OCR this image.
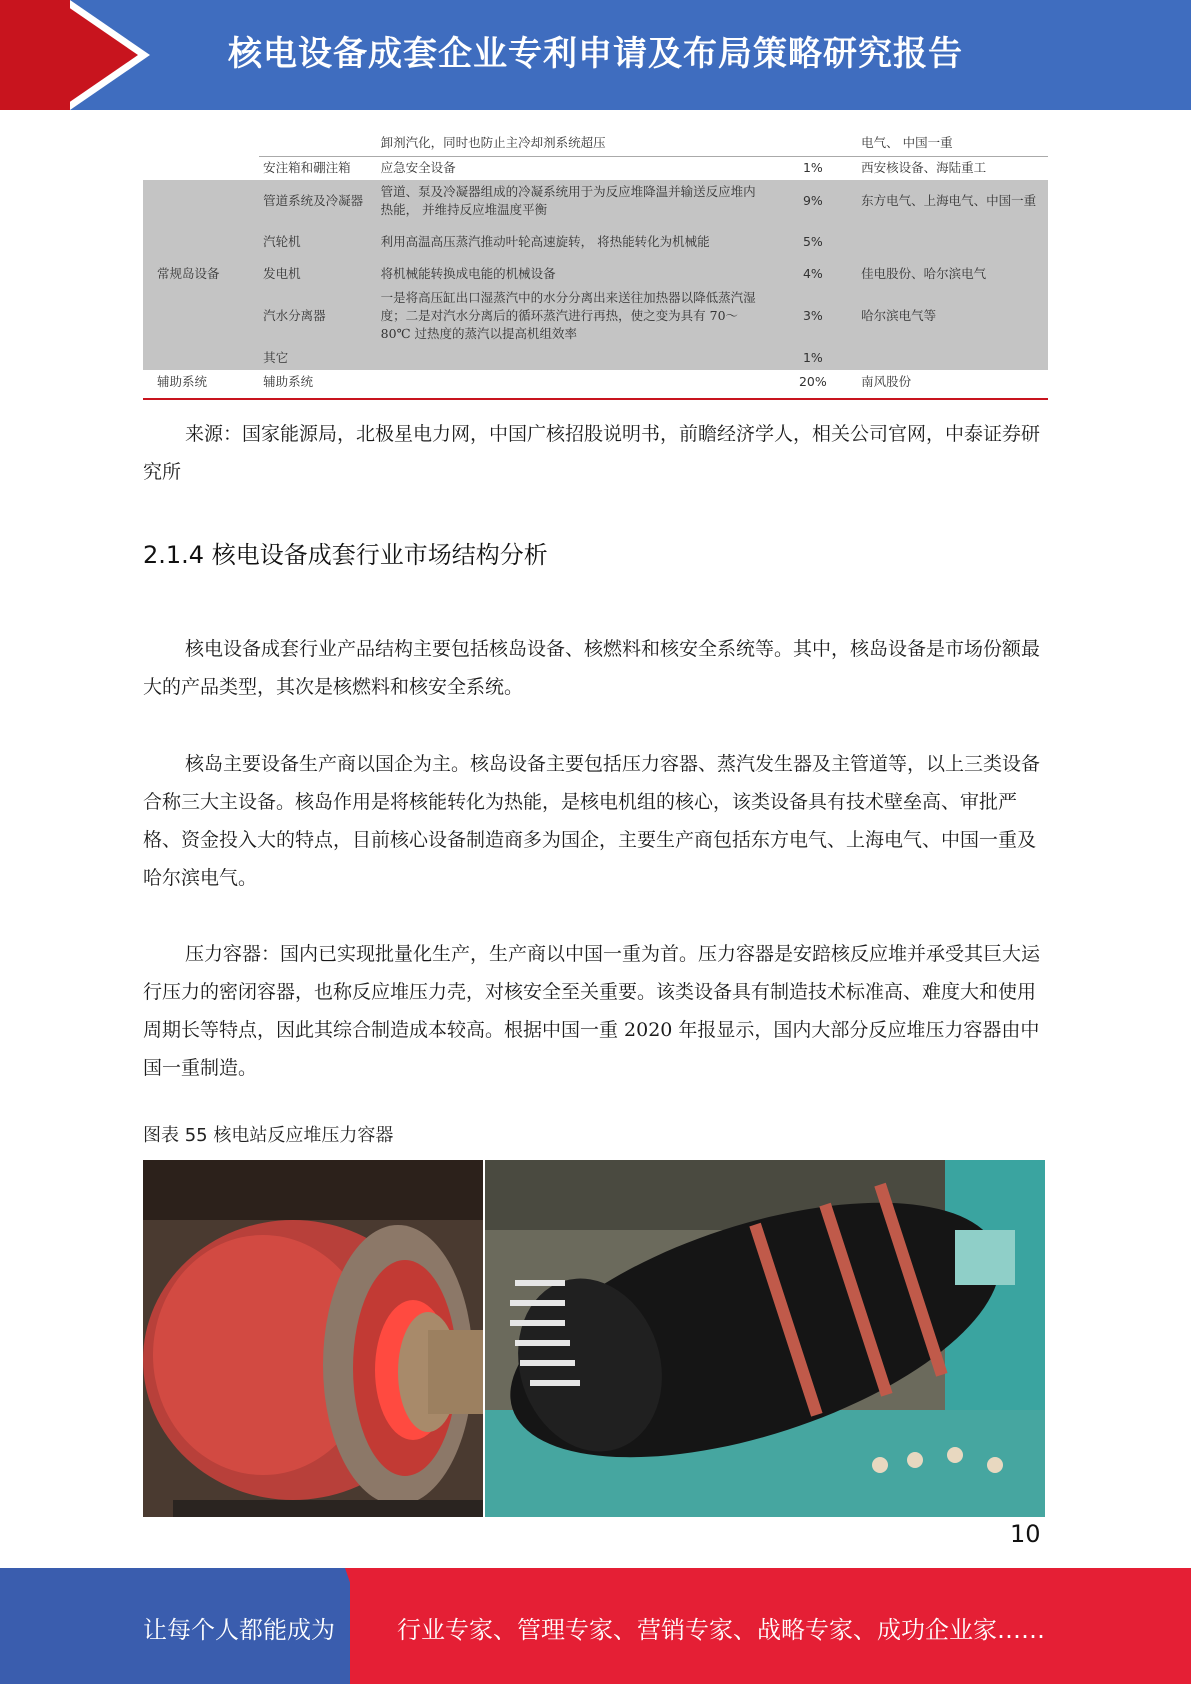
核电设备成套企业专利申请及布局策略研究报告
		卸剂汽化，同时也防止主冷却剂系统超压		电气、 中国一重
	安注箱和硼注箱	应急安全设备	1%	西安核设备、海陆重工
	管道系统及冷凝器	管道、泵及冷凝器组成的冷凝系统用于为反应堆降温并输送反应堆内热能， 并维持反应堆温度平衡	9%	东方电气、上海电气、中国一重
	汽轮机	利用高温高压蒸汽推动叶轮高速旋转， 将热能转化为机械能	5%	
常规岛设备	发电机	将机械能转换成电能的机械设备	4%	佳电股份、哈尔滨电气
	汽水分离器	一是将高压缸出口湿蒸汽中的水分分离出来送往加热器以降低蒸汽湿度；二是对汽水分离后的循环蒸汽进行再热，使之变为具有 70～80℃ 过热度的蒸汽以提高机组效率	3%	哈尔滨电气等
	其它		1%	
辅助系统	辅助系统		20%	南风股份

来源：国家能源局，北极星电力网，中国广核招股说明书，前瞻经济学人，相关公司官网，中泰证券研究所

2.1.4 核电设备成套行业市场结构分析

核电设备成套行业产品结构主要包括核岛设备、核燃料和核安全系统等。其中，核岛设备是市场份额最大的产品类型，其次是核燃料和核安全系统。

核岛主要设备生产商以国企为主。核岛设备主要包括压力容器、蒸汽发生器及主管道等，以上三类设备合称三大主设备。核岛作用是将核能转化为热能，是核电机组的核心，该类设备具有技术壁垒高、审批严格、资金投入大的特点，目前核心设备制造商多为国企，主要生产商包括东方电气、上海电气、中国一重及哈尔滨电气。

压力容器：国内已实现批量化生产，生产商以中国一重为首。压力容器是安踣核反应堆并承受其巨大运行压力的密闭容器，也称反应堆压力壳，对核安全至关重要。该类设备具有制造技术标准高、难度大和使用周期长等特点，因此其综合制造成本较高。根据中国一重 2020 年报显示，国内大部分反应堆压力容器由中国一重制造。

图表 55 核电站反应堆压力容器
10
让每个人都能成为	行业专家、管理专家、营销专家、战略专家、成功企业家……
